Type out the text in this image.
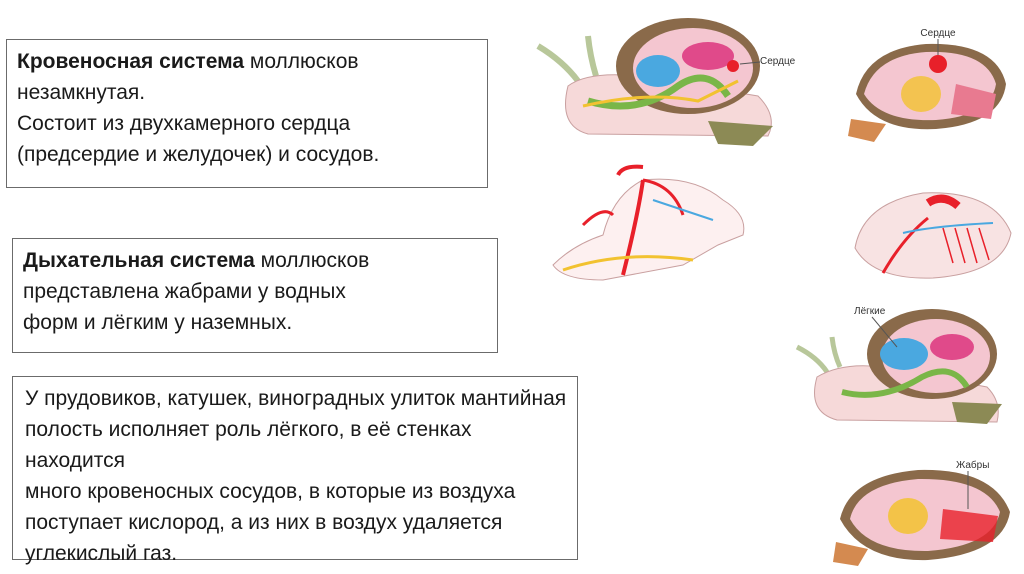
Кровеносная система моллюсков
незамкнутая.
Состоит из двухкамерного сердца
(предсердие и желудочек) и сосудов.
Дыхательная система моллюсков
представлена жабрами у водных
форм и лёгким у наземных.
У прудовиков, катушек, виноградных улиток мантийная
полость исполняет роль лёгкого, в её стенках находится
много кровеносных сосудов, в которые из воздуха
поступает кислород, а из них в воздух удаляется
углекислый газ.
Сердце
Сердце
Лёгкие
Жабры
